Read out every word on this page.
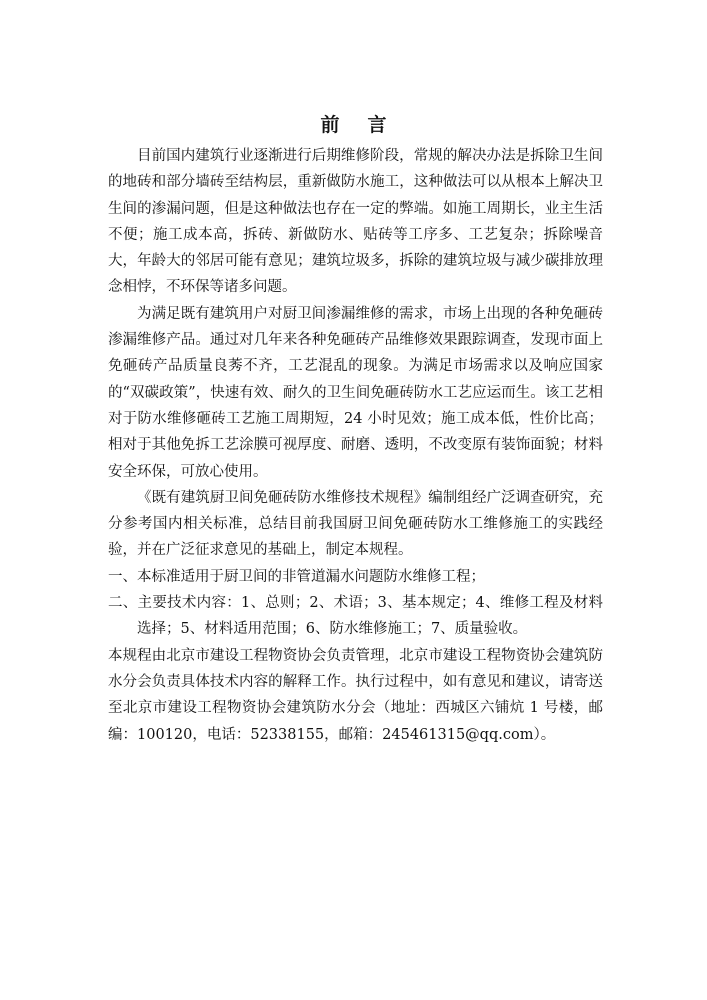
前言

目前国内建筑行业逐渐进行后期维修阶段，常规的解决办法是拆除卫生间的地砖和部分墙砖至结构层，重新做防水施工，这种做法可以从根本上解决卫生间的渗漏问题，但是这种做法也存在一定的弊端。如施工周期长，业主生活不便；施工成本高，拆砖、新做防水、贴砖等工序多、工艺复杂；拆除噪音大，年龄大的邻居可能有意见；建筑垃圾多，拆除的建筑垃圾与减少碳排放理念相悖，不环保等诸多问题。

为满足既有建筑用户对厨卫间渗漏维修的需求，市场上出现的各种免砸砖渗漏维修产品。通过对几年来各种免砸砖产品维修效果跟踪调查，发现市面上免砸砖产品质量良莠不齐，工艺混乱的现象。为满足市场需求以及响应国家的“双碳政策”，快速有效、耐久的卫生间免砸砖防水工艺应运而生。该工艺相对于防水维修砸砖工艺施工周期短，24 小时见效；施工成本低，性价比高；相对于其他免拆工艺涂膜可视厚度、耐磨、透明，不改变原有装饰面貌；材料安全环保，可放心使用。

《既有建筑厨卫间免砸砖防水维修技术规程》编制组经广泛调查研究，充分参考国内相关标准，总结目前我国厨卫间免砸砖防水工维修施工的实践经验，并在广泛征求意见的基础上，制定本规程。

一、本标准适用于厨卫间的非管道漏水问题防水维修工程；

二、主要技术内容：1、总则；2、术语；3、基本规定；4、维修工程及材料选择；5、材料适用范围；6、防水维修施工；7、质量验收。

本规程由北京市建设工程物资协会负责管理，北京市建设工程物资协会建筑防水分会负责具体技术内容的解释工作。执行过程中，如有意见和建议，请寄送至北京市建设工程物资协会建筑防水分会（地址：西城区六铺炕 1 号楼，邮编：100120，电话：52338155，邮箱：245461315@qq.com）。
